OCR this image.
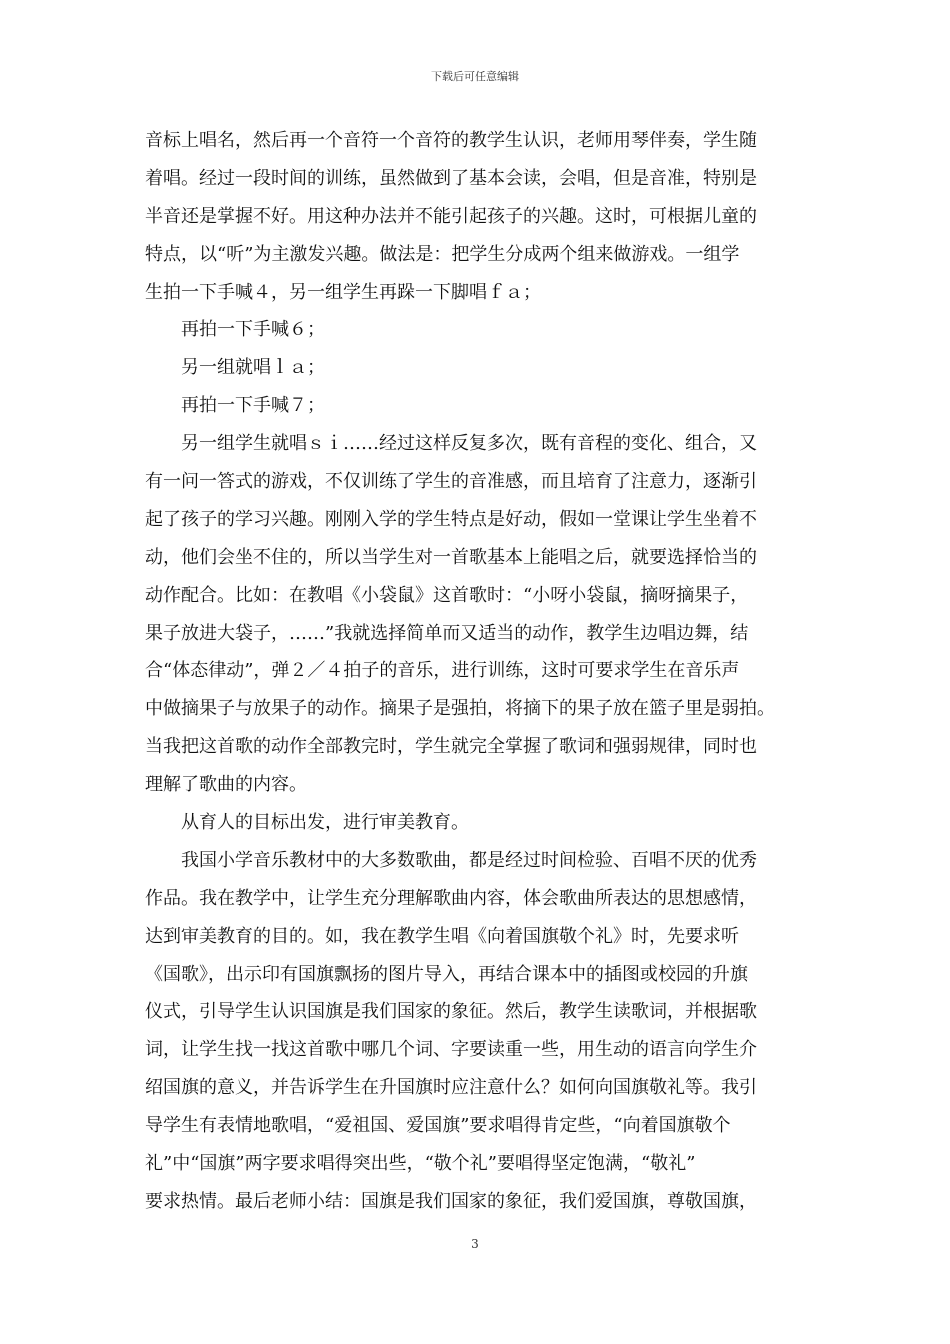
下载后可任意编辑
音标上唱名，然后再一个音符一个音符的教学生认识，老师用琴伴奏，学生随
着唱。经过一段时间的训练，虽然做到了基本会读，会唱，但是音准，特别是
半音还是掌握不好。用这种办法并不能引起孩子的兴趣。这时，可根据儿童的
特点，以“听”为主激发兴趣。做法是：把学生分成两个组来做游戏。一组学
生拍一下手喊４，另一组学生再跺一下脚唱ｆａ；
再拍一下手喊６；
另一组就唱ｌａ；
再拍一下手喊７；
另一组学生就唱ｓｉ……经过这样反复多次，既有音程的变化、组合，又
有一问一答式的游戏，不仅训练了学生的音准感，而且培育了注意力，逐渐引
起了孩子的学习兴趣。刚刚入学的学生特点是好动，假如一堂课让学生坐着不
动，他们会坐不住的，所以当学生对一首歌基本上能唱之后，就要选择恰当的
动作配合。比如：在教唱《小袋鼠》这首歌时：“小呀小袋鼠，摘呀摘果子，
果子放进大袋子，……”我就选择简单而又适当的动作，教学生边唱边舞，结
合“体态律动”，弹２／４拍子的音乐，进行训练，这时可要求学生在音乐声
中做摘果子与放果子的动作。摘果子是强拍，将摘下的果子放在篮子里是弱拍。
当我把这首歌的动作全部教完时，学生就完全掌握了歌词和强弱规律，同时也
理解了歌曲的内容。
从育人的目标出发，进行审美教育。
我国小学音乐教材中的大多数歌曲，都是经过时间检验、百唱不厌的优秀
作品。我在教学中，让学生充分理解歌曲内容，体会歌曲所表达的思想感情，
达到审美教育的目的。如，我在教学生唱《向着国旗敬个礼》时，先要求听
《国歌》，出示印有国旗飘扬的图片导入，再结合课本中的插图或校园的升旗
仪式，引导学生认识国旗是我们国家的象征。然后，教学生读歌词，并根据歌
词，让学生找一找这首歌中哪几个词、字要读重一些，用生动的语言向学生介
绍国旗的意义，并告诉学生在升国旗时应注意什么？如何向国旗敬礼等。我引
导学生有表情地歌唱，“爱祖国、爱国旗”要求唱得肯定些，“向着国旗敬个
礼”中“国旗”两字要求唱得突出些，“敬个礼”要唱得坚定饱满，“敬礼”
要求热情。最后老师小结：国旗是我们国家的象征，我们爱国旗，尊敬国旗，
3
